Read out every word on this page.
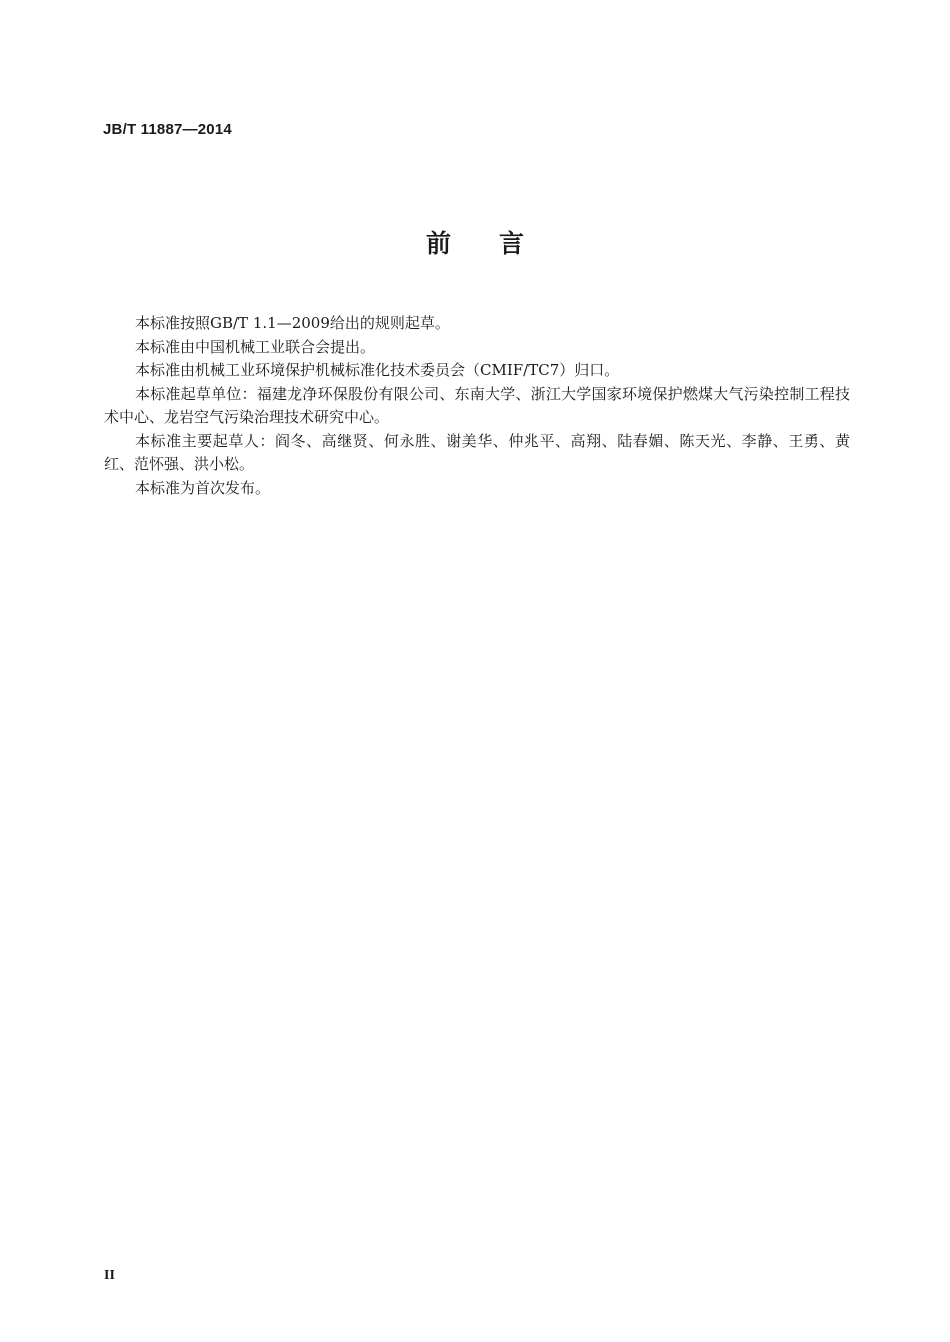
JB/T 11887—2014
前言

本标准按照GB/T 1.1—2009给出的规则起草。

本标准由中国机械工业联合会提出。

本标准由机械工业环境保护机械标准化技术委员会（CMIF/TC7）归口。

本标准起草单位：福建龙净环保股份有限公司、东南大学、浙江大学国家环境保护燃煤大气污染控制工程技术中心、龙岩空气污染治理技术研究中心。

本标准主要起草人：阎冬、高继贤、何永胜、谢美华、仲兆平、高翔、陆春媚、陈天光、李静、王勇、黄红、范怀强、洪小松。

本标准为首次发布。

II
